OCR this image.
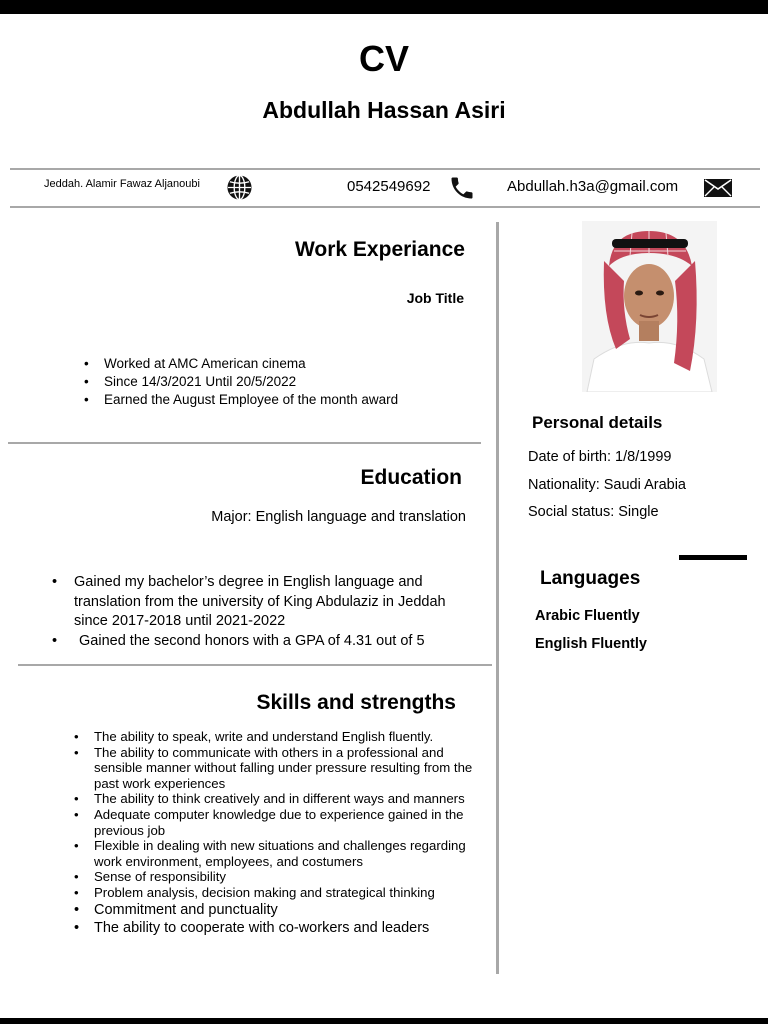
CV
Abdullah Hassan Asiri
Jeddah. Alamir Fawaz Aljanoubi	0542549692	Abdullah.h3a@gmail.com
Work Experiance
Job Title
• Worked at AMC American cinema
• Since 14/3/2021 Until 20/5/2022
• Earned the August Employee of the month award
Education
Major: English language and translation
• Gained my bachelor’s degree in English language and translation from the university of King Abdulaziz in Jeddah since 2017-2018 until 2021-2022
• Gained the second honors with a GPA of 4.31 out of 5
Skills and strengths
• The ability to speak, write and understand English fluently.
• The ability to communicate with others in a professional and sensible manner without falling under pressure resulting from the past work experiences
• The ability to think creatively and in different ways and manners
• Adequate computer knowledge due to experience gained in the previous job
• Flexible in dealing with new situations and challenges regarding work environment, employees, and costumers
• Sense of responsibility
• Problem analysis, decision making and strategical thinking
• Commitment and punctuality
• The ability to cooperate with co-workers and leaders
Personal details
Date of birth: 1/8/1999
Nationality: Saudi Arabia
Social status: Single
Languages
Arabic Fluently
English Fluently
